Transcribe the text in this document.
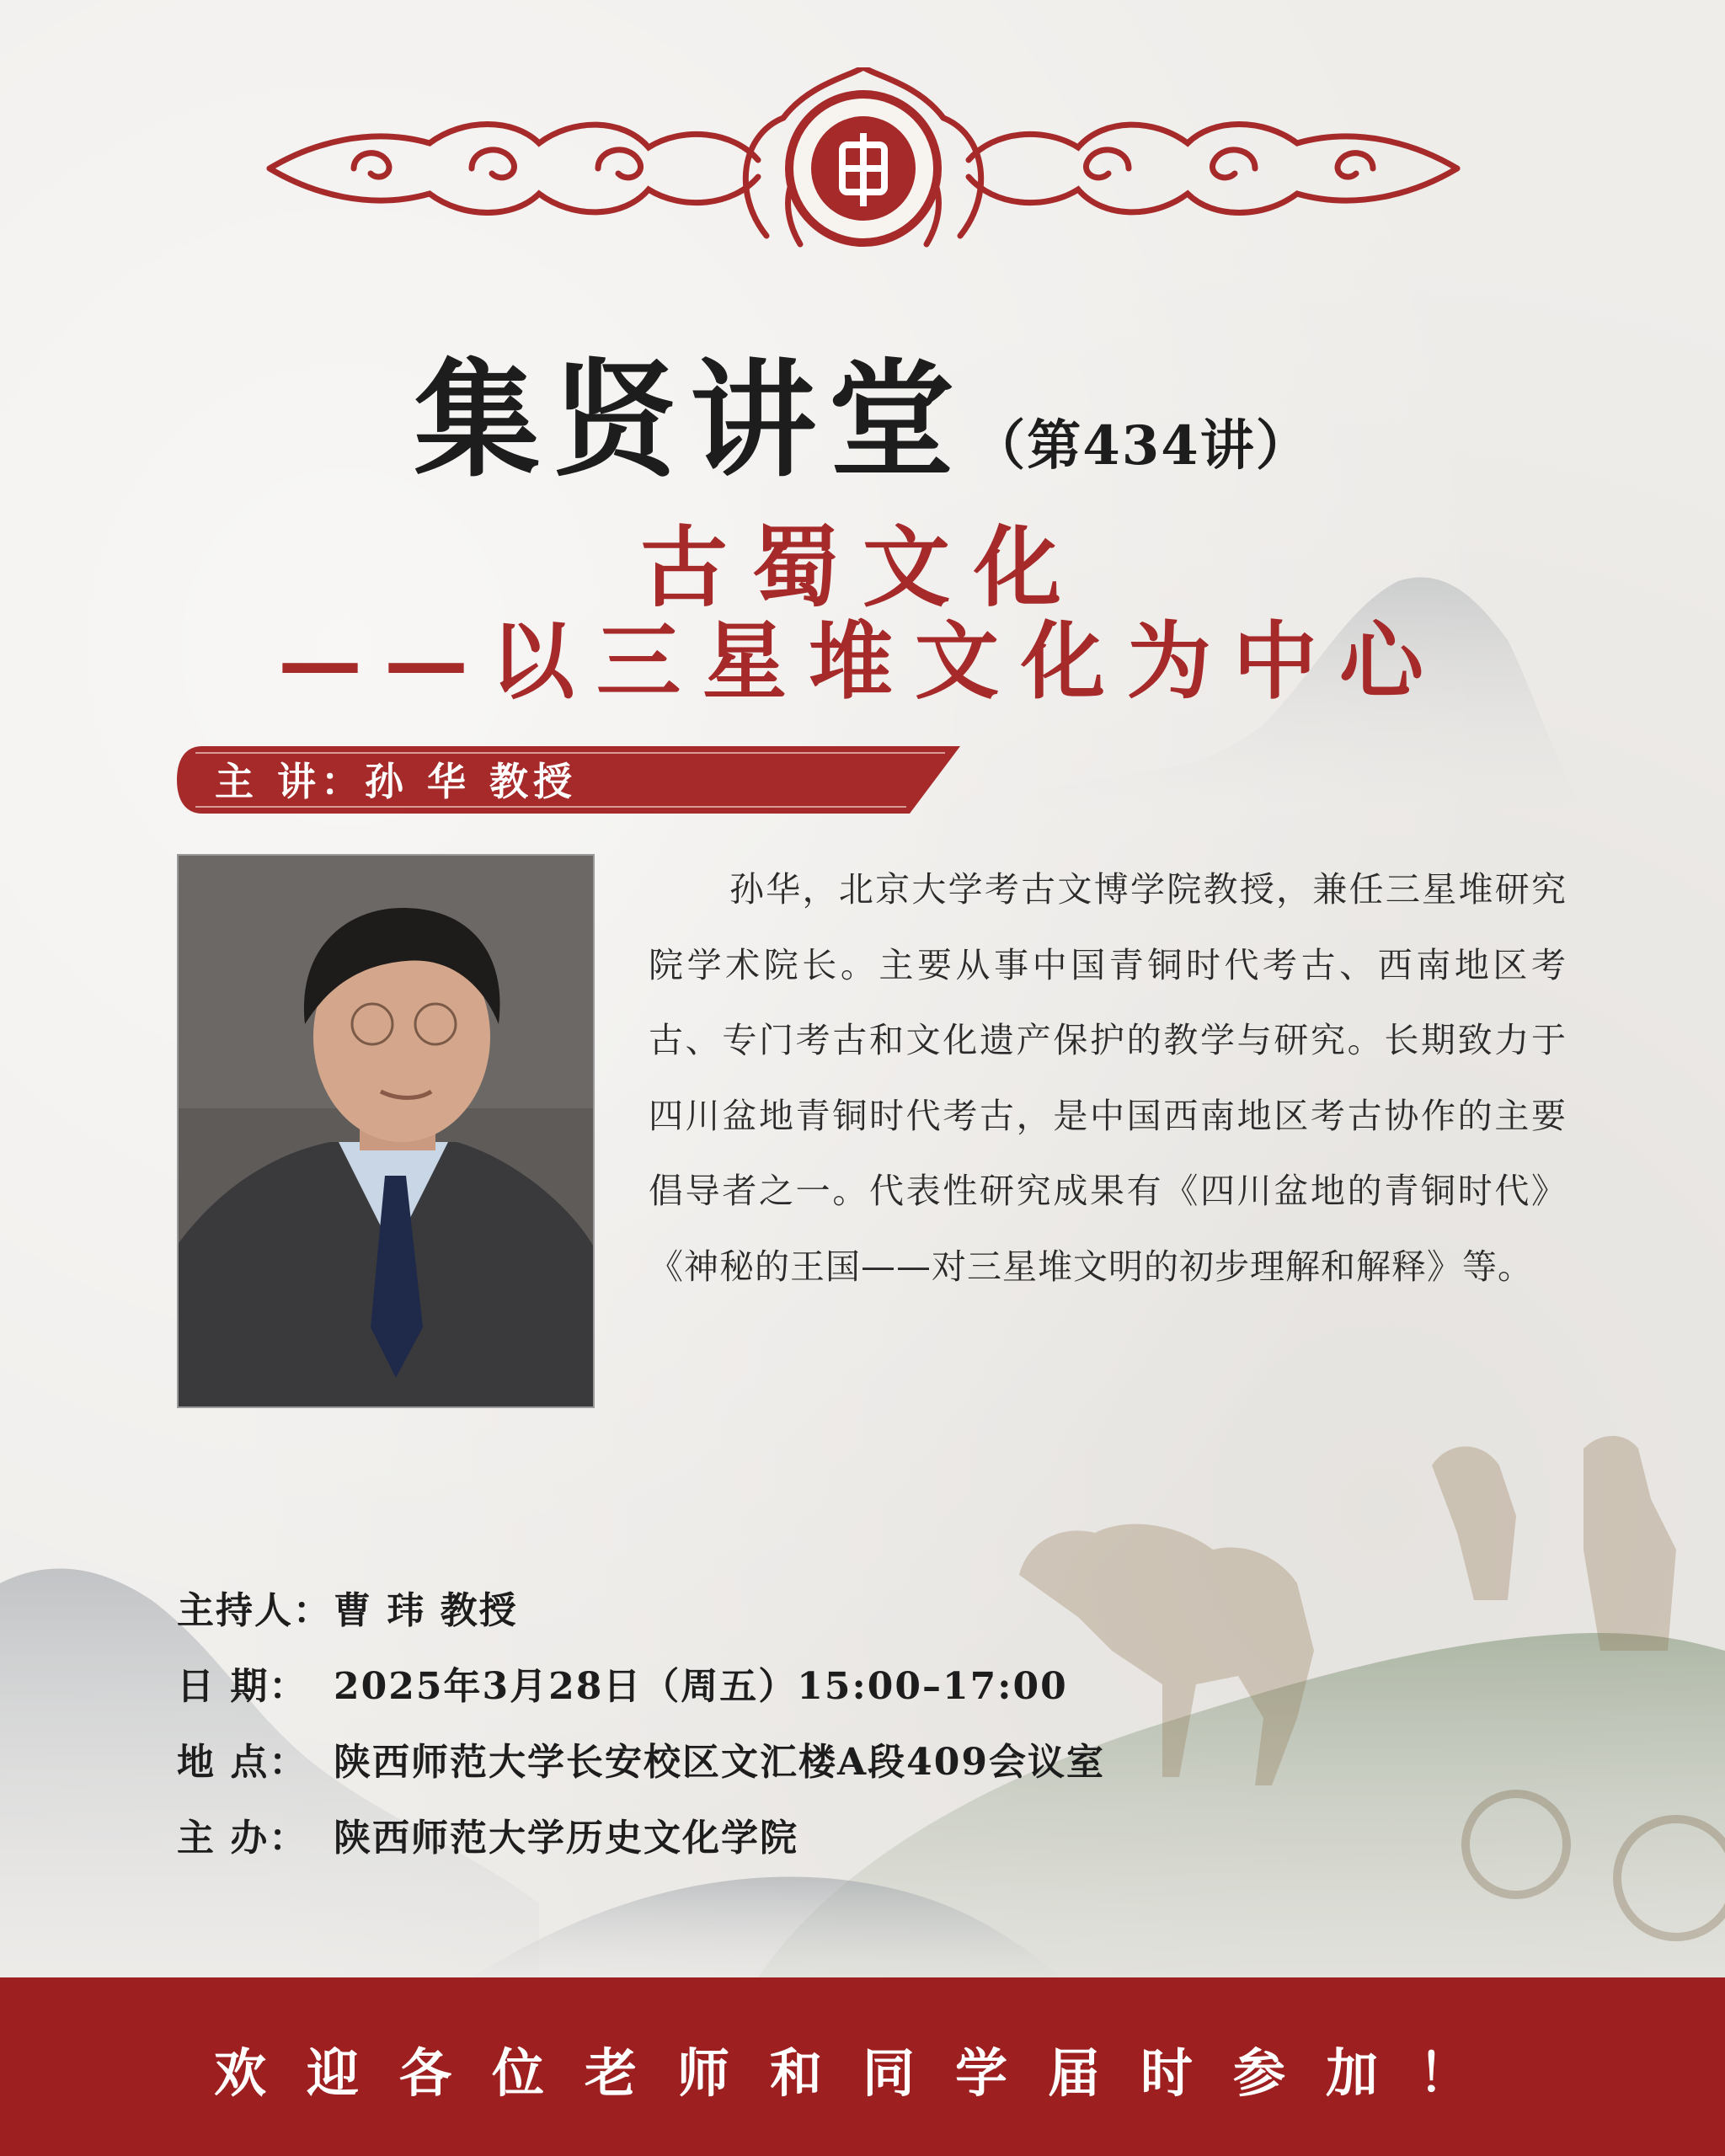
集贤讲堂（第434讲）
古蜀文化
——以三星堆文化为中心
主 讲：孙 华 教授
孙华，北京大学考古文博学院教授，兼任三星堆研究院学术院长。主要从事中国青铜时代考古、西南地区考古、专门考古和文化遗产保护的教学与研究。长期致力于四川盆地青铜时代考古，是中国西南地区考古协作的主要倡导者之一。代表性研究成果有《四川盆地的青铜时代》《神秘的王国——对三星堆文明的初步理解和解释》等。
主持人：曹 玮 教授
日 期： 2025年3月28日（周五）15:00–17:00
地 点： 陕西师范大学长安校区文汇楼A段409会议室
主 办： 陕西师范大学历史文化学院
欢迎各位老师和同学届时参加！
